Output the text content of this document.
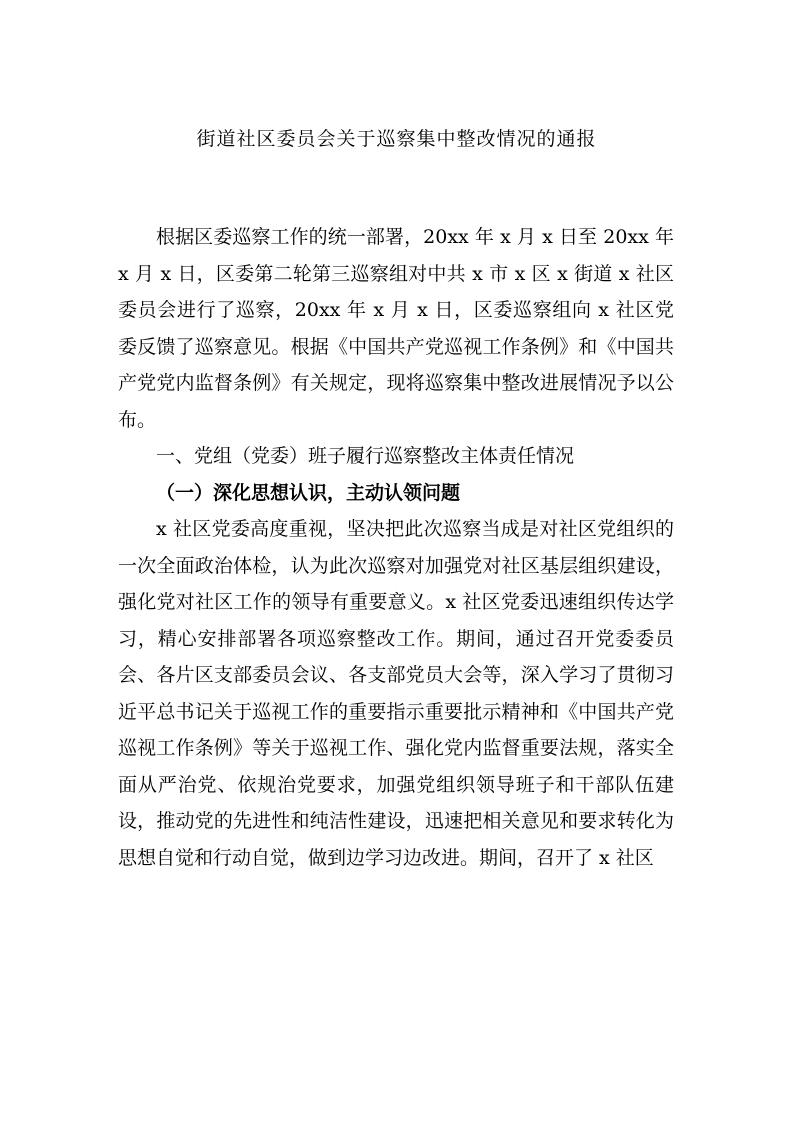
街道社区委员会关于巡察集中整改情况的通报

根据区委巡察工作的统一部署，20xx 年 x 月 x 日至 20xx 年 x 月 x 日，区委第二轮第三巡察组对中共 x 市 x 区 x 街道 x 社区委员会进行了巡察，20xx 年 x 月 x 日，区委巡察组向 x 社区党委反馈了巡察意见。根据《中国共产党巡视工作条例》和《中国共产党党内监督条例》有关规定，现将巡察集中整改进展情况予以公布。

一、党组（党委）班子履行巡察整改主体责任情况

（一）深化思想认识，主动认领问题

x 社区党委高度重视，坚决把此次巡察当成是对社区党组织的一次全面政治体检，认为此次巡察对加强党对社区基层组织建设，强化党对社区工作的领导有重要意义。x 社区党委迅速组织传达学习，精心安排部署各项巡察整改工作。期间，通过召开党委委员会、各片区支部委员会议、各支部党员大会等，深入学习了贯彻习近平总书记关于巡视工作的重要指示重要批示精神和《中国共产党巡视工作条例》等关于巡视工作、强化党内监督重要法规，落实全面从严治党、依规治党要求，加强党组织领导班子和干部队伍建设，推动党的先进性和纯洁性建设，迅速把相关意见和要求转化为思想自觉和行动自觉，做到边学习边改进。期间，召开了 x 社区
